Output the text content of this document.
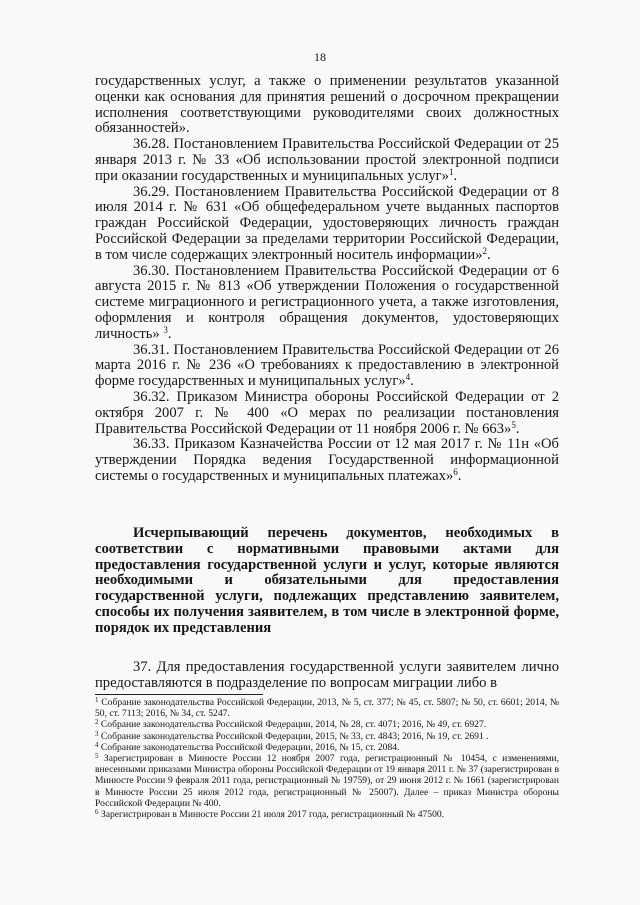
18

государственных услуг, а также о применении результатов указанной оценки как основания для принятия решений о досрочном прекращении исполнения соответствующими руководителями своих должностных обязанностей».

36.28. Постановлением Правительства Российской Федерации от 25 января 2013 г. № 33 «Об использовании простой электронной подписи при оказании государственных и муниципальных услуг»$^1$.

36.29. Постановлением Правительства Российской Федерации от 8 июля 2014 г. № 631 «Об общефедеральном учете выданных паспортов граждан Российской Федерации, удостоверяющих личность граждан Российской Федерации за пределами территории Российской Федерации, в том числе содержащих электронный носитель информации»$^2$.

36.30. Постановлением Правительства Российской Федерации от 6 августа 2015 г. № 813 «Об утверждении Положения о государственной системе миграционного и регистрационного учета, а также изготовления, оформления и контроля обращения документов, удостоверяющих личность» $^3$.

36.31. Постановлением Правительства Российской Федерации от 26 марта 2016 г. № 236 «О требованиях к предоставлению в электронной форме государственных и муниципальных услуг»$^4$.

36.32. Приказом Министра обороны Российской Федерации от 2 октября 2007 г. № 400 «О мерах по реализации постановления Правительства Российской Федерации от 11 ноября 2006 г. № 663»$^5$.

36.33. Приказом Казначейства России от 12 мая 2017 г. № 11н «Об утверждении Порядка ведения Государственной информационной системы о государственных и муниципальных платежах»$^6$.

Исчерпывающий перечень документов, необходимых в соответствии с нормативными правовыми актами для предоставления государственной услуги и услуг, которые являются необходимыми и обязательными для предоставления государственной услуги, подлежащих представлению заявителем, способы их получения заявителем, в том числе в электронной форме, порядок их представления
37. Для предоставления государственной услуги заявителем лично предоставляются в подразделение по вопросам миграции либо в

$^1$ Собрание законодательства Российской Федерации, 2013, № 5, ст. 377; № 45, ст. 5807; № 50, ст. 6601; 2014, № 50, ст. 7113; 2016, № 34, ст. 5247.

$^2$ Собрание законодательства Российской Федерации, 2014, № 28, ст. 4071; 2016, № 49, ст. 6927.

$^3$ Собрание законодательства Российской Федерации, 2015, № 33, ст. 4843; 2016, № 19, ст. 2691 .

$^4$ Собрание законодательства Российской Федерации, 2016, № 15, ст. 2084.

$^5$ Зарегистрирован в Минюсте России 12 ноября 2007 года, регистрационный № 10454, с изменениями, внесенными приказами Министра обороны Российской Федерации от 19 января 2011 г. № 37 (зарегистрирован в Минюсте России 9 февраля 2011 года, регистрационный № 19759), от 29 июня 2012 г. № 1661 (зарегистрирован в Минюсте России 25 июля 2012 года, регистрационный № 25007). Далее – приказ Министра обороны Российской Федерации № 400.

$^6$ Зарегистрирован в Минюсте России 21 июля 2017 года, регистрационный № 47500.
